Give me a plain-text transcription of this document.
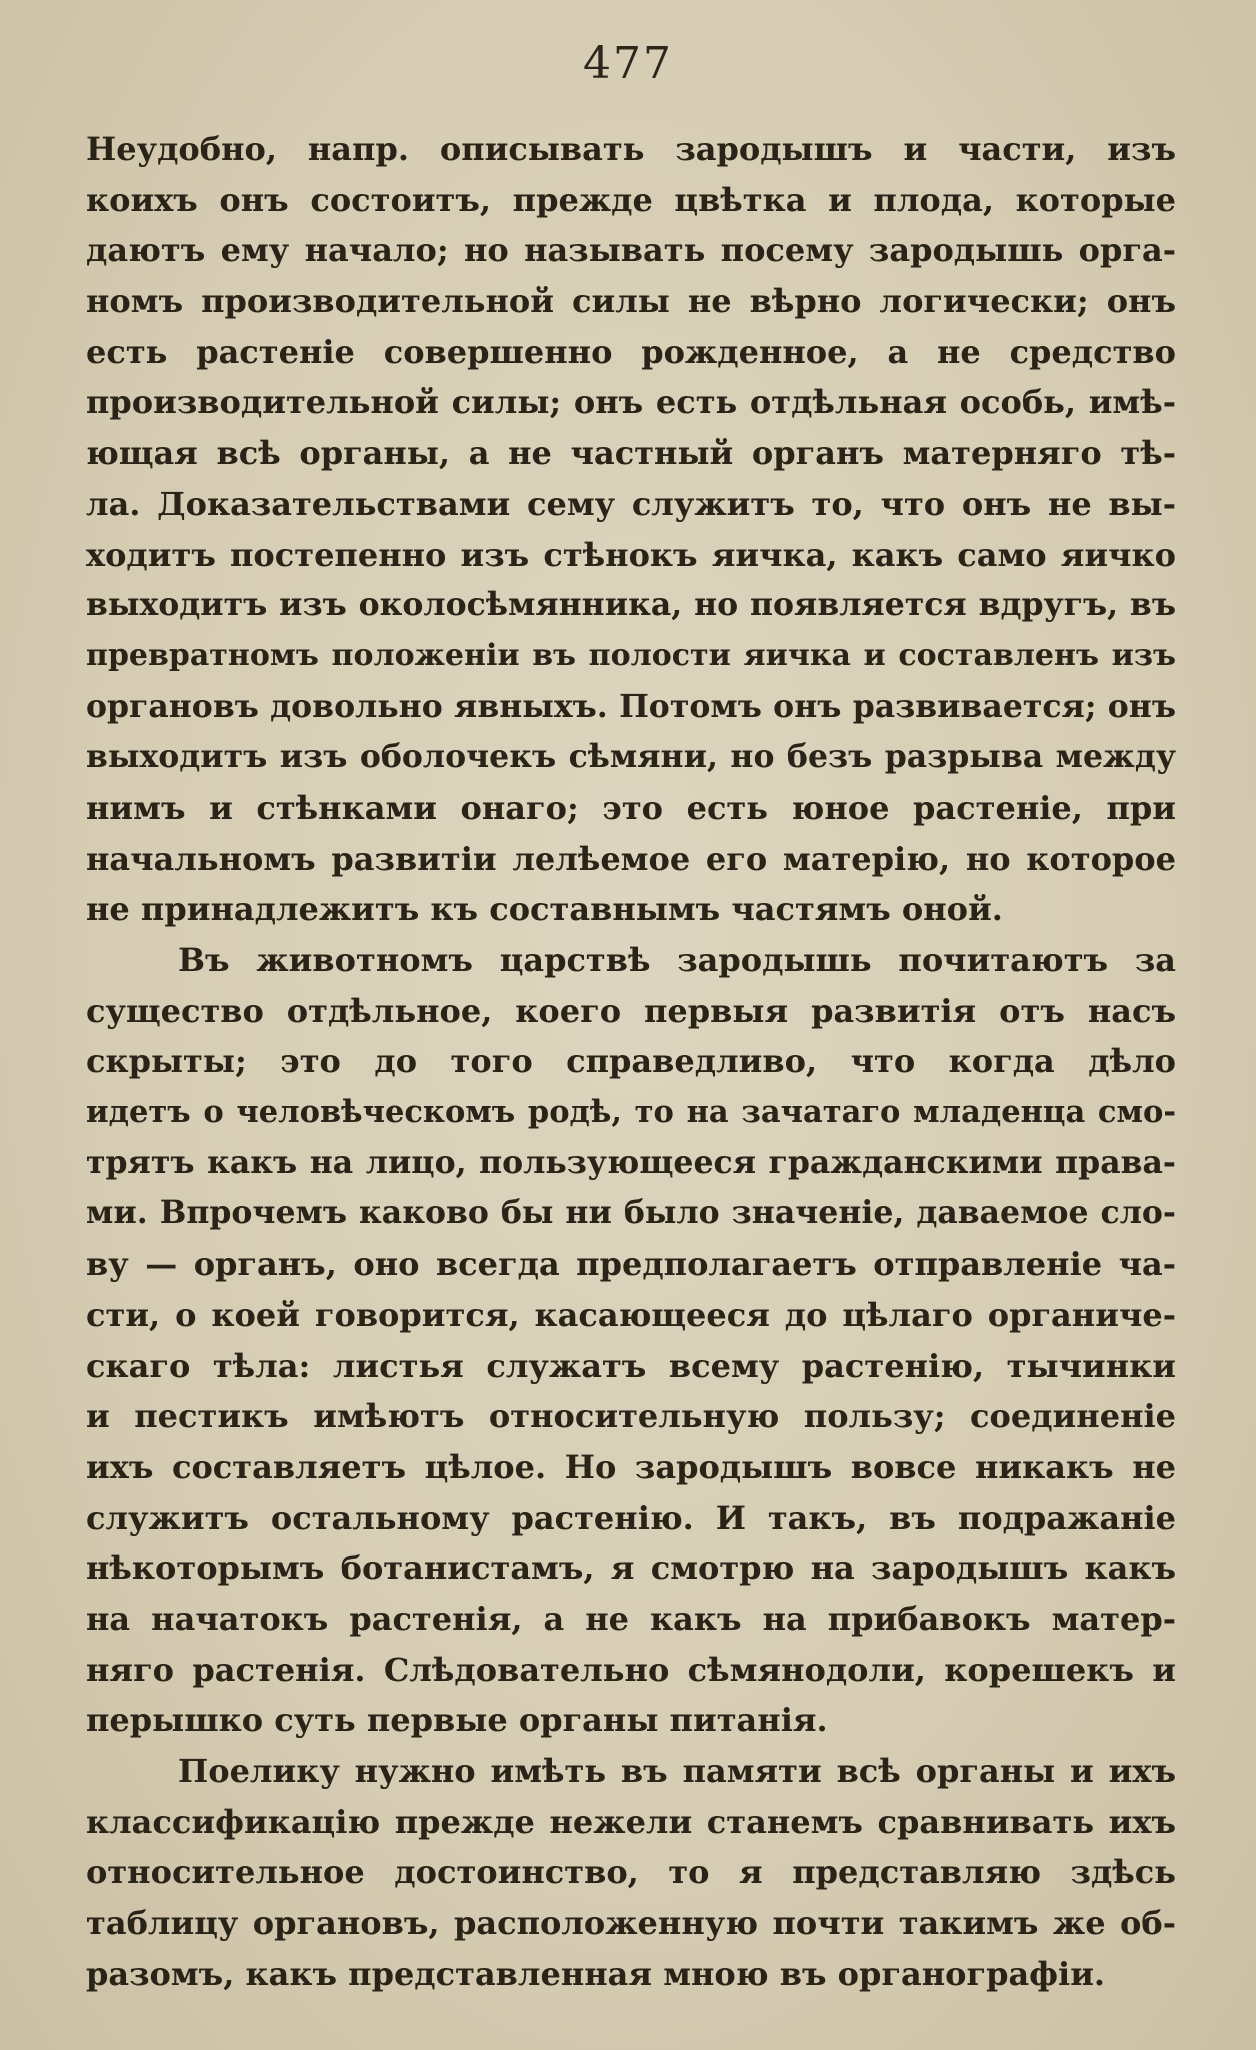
477
Неудобно, напр. описывать зародышъ и части, изъ
коихъ онъ состоитъ, прежде цвѣтка и плода, которые
даютъ ему начало; но называть посему зародышь орга-
номъ производительной силы не вѣрно логически; онъ
есть растеніе совершенно рожденное, а не средство
производительной силы; онъ есть отдѣльная особь, имѣ-
ющая всѣ органы, а не частный органъ матерняго тѣ-
ла. Доказательствами сему служитъ то, что онъ не вы-
ходитъ постепенно изъ стѣнокъ яичка, какъ само яичко
выходитъ изъ околосѣмянника, но появляется вдругъ, въ
превратномъ положеніи въ полости яичка и составленъ изъ
органовъ довольно явныхъ. Потомъ онъ развивается; онъ
выходитъ изъ оболочекъ сѣмяни, но безъ разрыва между
нимъ и стѣнками онаго; это есть юное растеніе, при
начальномъ развитіи лелѣемое его матерію, но которое
не принадлежитъ къ составнымъ частямъ оной.
Въ животномъ царствѣ зародышь почитаютъ за
существо отдѣльное, коего первыя развитія отъ насъ
скрыты; это до того справедливо, что когда дѣло
идетъ о человѣческомъ родѣ, то на зачатаго младенца смо-
трятъ какъ на лицо, пользующееся гражданскими права-
ми. Впрочемъ каково бы ни было значеніе, даваемое сло-
ву — органъ, оно всегда предполагаетъ отправленіе ча-
сти, о коей говорится, касающееся до цѣлаго органиче-
скаго тѣла: листья служатъ всему растенію, тычинки
и пестикъ имѣютъ относительную пользу; соединеніе
ихъ составляетъ цѣлое. Но зародышъ вовсе никакъ не
служитъ остальному растенію. И такъ, въ подражаніе
нѣкоторымъ ботанистамъ, я смотрю на зародышъ какъ
на начатокъ растенія, а не какъ на прибавокъ матер-
няго растенія. Слѣдовательно сѣмянодоли, корешекъ и
перышко суть первые органы питанія.
Поелику нужно имѣть въ памяти всѣ органы и ихъ
классификацію прежде нежели станемъ сравнивать ихъ
относительное достоинство, то я представляю здѣсь
таблицу органовъ, расположенную почти такимъ же об-
разомъ, какъ представленная мною въ органографіи.
